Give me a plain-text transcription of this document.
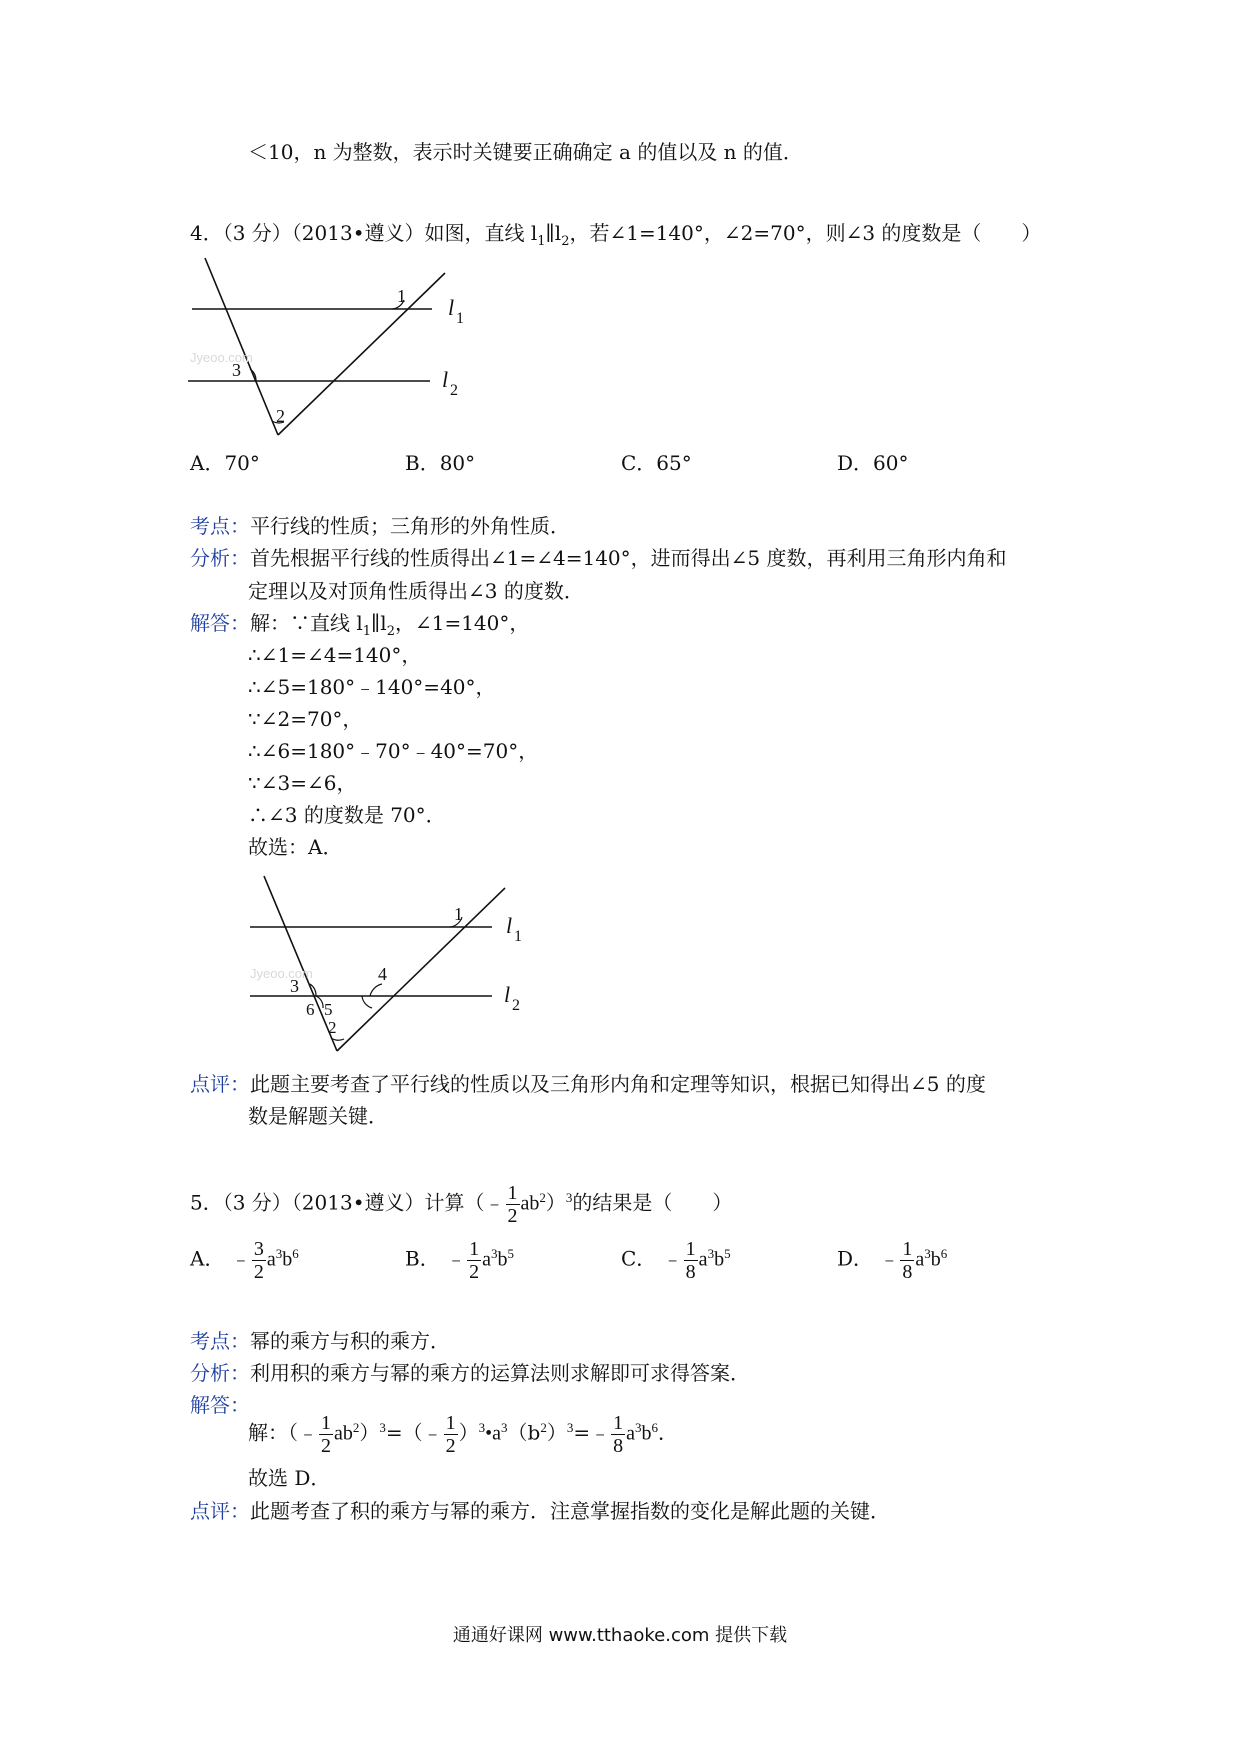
＜10，n 为整数，表示时关键要正确确定 a 的值以及 n 的值．
4．（3 分）（2013•遵义）如图，直线 $l_1\parallel l_2$，若∠1=140°，∠2=70°，则∠3 的度数是（　　）
Jyeoo.com
1
3
2
l 1
l 2
A．70°	B．80°	C．65°	D．60°
考点：平行线的性质；三角形的外角性质．
分析：首先根据平行线的性质得出∠1=∠4=140°，进而得出∠5 度数，再利用三角形内角和
定理以及对顶角性质得出∠3 的度数．
解答：解：∵直线 $l_1\parallel l_2$，∠1=140°，
∴∠1=∠4=140°，
∴∠5=180°﹣140°=40°，
∵∠2=70°，
∴∠6=180°﹣70°﹣40°=70°，
∵∠3=∠6，
∴∠3 的度数是 70°．
故选：A．
Jyeoo.com
1
3
4
6 5
2
l 1
l 2
点评：此题主要考查了平行线的性质以及三角形内角和定理等知识，根据已知得出∠5 的度
数是解题关键．
5．（3 分）（2013•遵义）计算（﹣ $\frac{1}{2} ab^2)^3$的结果是（　　）
A． ﹣ $\frac{3}{2} a^3b^6$	B． ﹣ $\frac{1}{2} a^3b^5$	C． ﹣ $\frac{1}{8} a^3b^5$	D． ﹣ $\frac{1}{8} a^3b^6$
考点：幂的乘方与积的乘方．
分析：利用积的乘方与幂的乘方的运算法则求解即可求得答案．
解答：
解：（﹣ $\frac{1}{2}$ $ab^2)^3=(﹣ \frac{1}{2}$ ）$^3•a^3(b^2)^3=﹣ \frac{1}{8} a^3b^6$．
故选 D．
点评：此题考查了积的乘方与幂的乘方．注意掌握指数的变化是解此题的关键．
通通好课网 www.tthaoke.com 提供下载
